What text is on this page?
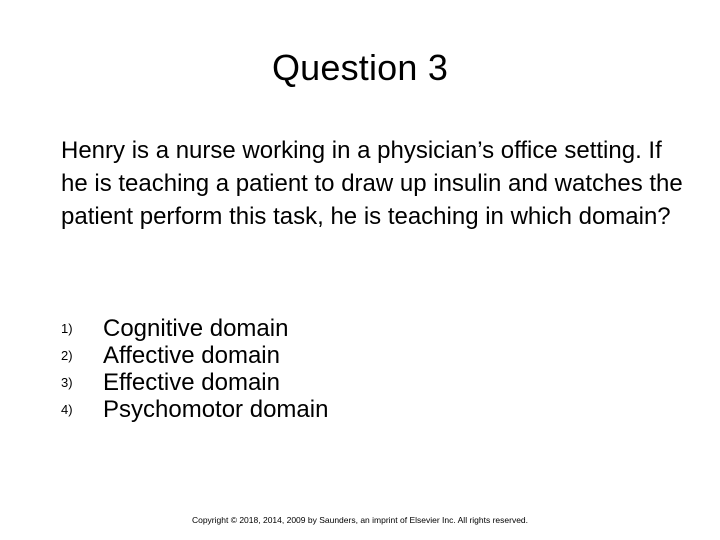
Question 3

Henry is a nurse working in a physician’s office setting. If he is teaching a patient to draw up insulin and watches the patient perform this task, he is teaching in which domain?

1)	Cognitive domain
2)	Affective domain
3)	Effective domain
4)	Psychomotor domain
Copyright © 2018, 2014, 2009 by Saunders, an imprint of Elsevier Inc. All rights reserved.
